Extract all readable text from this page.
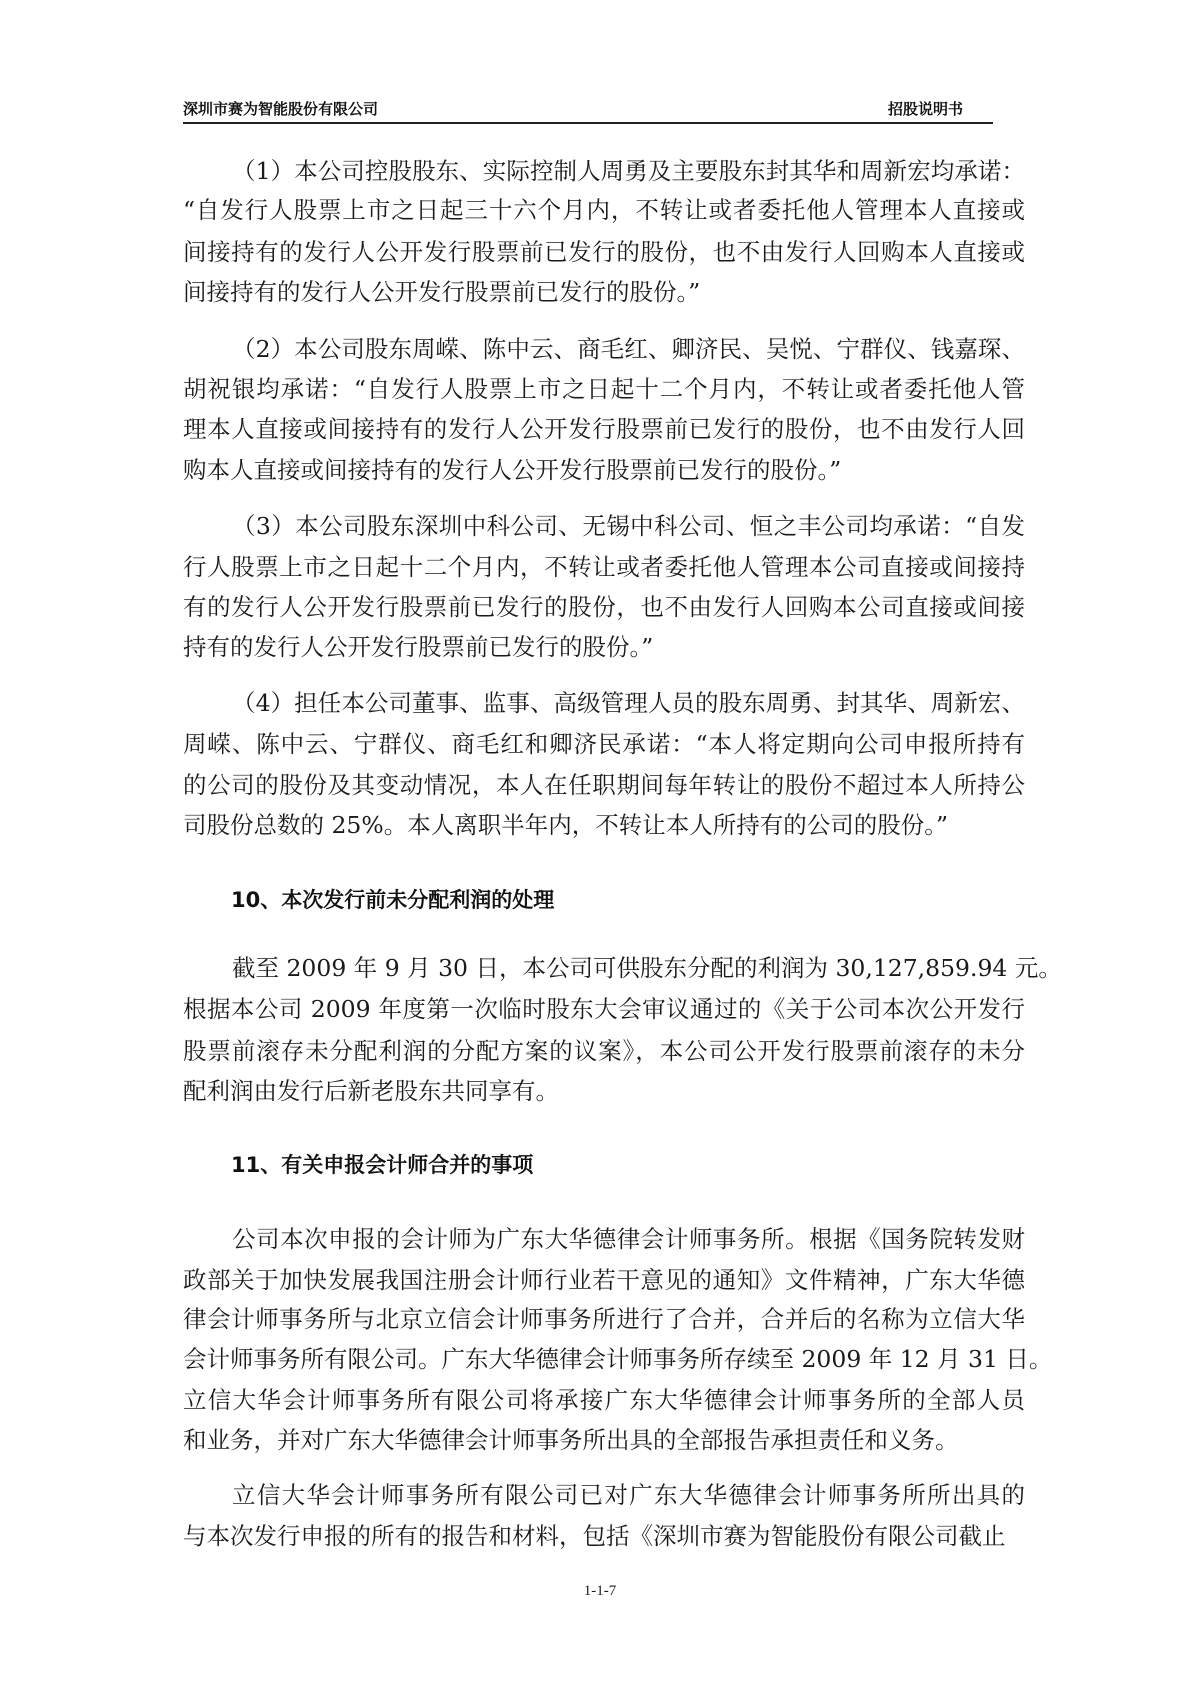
深圳市赛为智能股份有限公司	招股说明书
10、本次发行前未分配利润的处理
11、有关申报会计师合并的事项
（1）本公司控股股东、实际控制人周勇及主要股东封其华和周新宏均承诺：
“自发行人股票上市之日起三十六个月内，不转让或者委托他人管理本人直接或
间接持有的发行人公开发行股票前已发行的股份，也不由发行人回购本人直接或
间接持有的发行人公开发行股票前已发行的股份。”
（2）本公司股东周嵘、陈中云、商毛红、卿济民、吴悦、宁群仪、钱嘉琛、
胡祝银均承诺：“自发行人股票上市之日起十二个月内，不转让或者委托他人管
理本人直接或间接持有的发行人公开发行股票前已发行的股份，也不由发行人回
购本人直接或间接持有的发行人公开发行股票前已发行的股份。”
（3）本公司股东深圳中科公司、无锡中科公司、恒之丰公司均承诺：“自发
行人股票上市之日起十二个月内，不转让或者委托他人管理本公司直接或间接持
有的发行人公开发行股票前已发行的股份，也不由发行人回购本公司直接或间接
持有的发行人公开发行股票前已发行的股份。”
（4）担任本公司董事、监事、高级管理人员的股东周勇、封其华、周新宏、
周嵘、陈中云、宁群仪、商毛红和卿济民承诺：“本人将定期向公司申报所持有
的公司的股份及其变动情况，本人在任职期间每年转让的股份不超过本人所持公
司股份总数的 25%。本人离职半年内，不转让本人所持有的公司的股份。”
截至 2009 年 9 月 30 日，本公司可供股东分配的利润为 30,127,859.94 元。
根据本公司 2009 年度第一次临时股东大会审议通过的《关于公司本次公开发行
股票前滚存未分配利润的分配方案的议案》，本公司公开发行股票前滚存的未分
配利润由发行后新老股东共同享有。
公司本次申报的会计师为广东大华德律会计师事务所。根据《国务院转发财
政部关于加快发展我国注册会计师行业若干意见的通知》文件精神，广东大华德
律会计师事务所与北京立信会计师事务所进行了合并，合并后的名称为立信大华
会计师事务所有限公司。广东大华德律会计师事务所存续至 2009 年 12 月 31 日。
立信大华会计师事务所有限公司将承接广东大华德律会计师事务所的全部人员
和业务，并对广东大华德律会计师事务所出具的全部报告承担责任和义务。
立信大华会计师事务所有限公司已对广东大华德律会计师事务所所出具的
与本次发行申报的所有的报告和材料，包括《深圳市赛为智能股份有限公司截止
1-1-7
